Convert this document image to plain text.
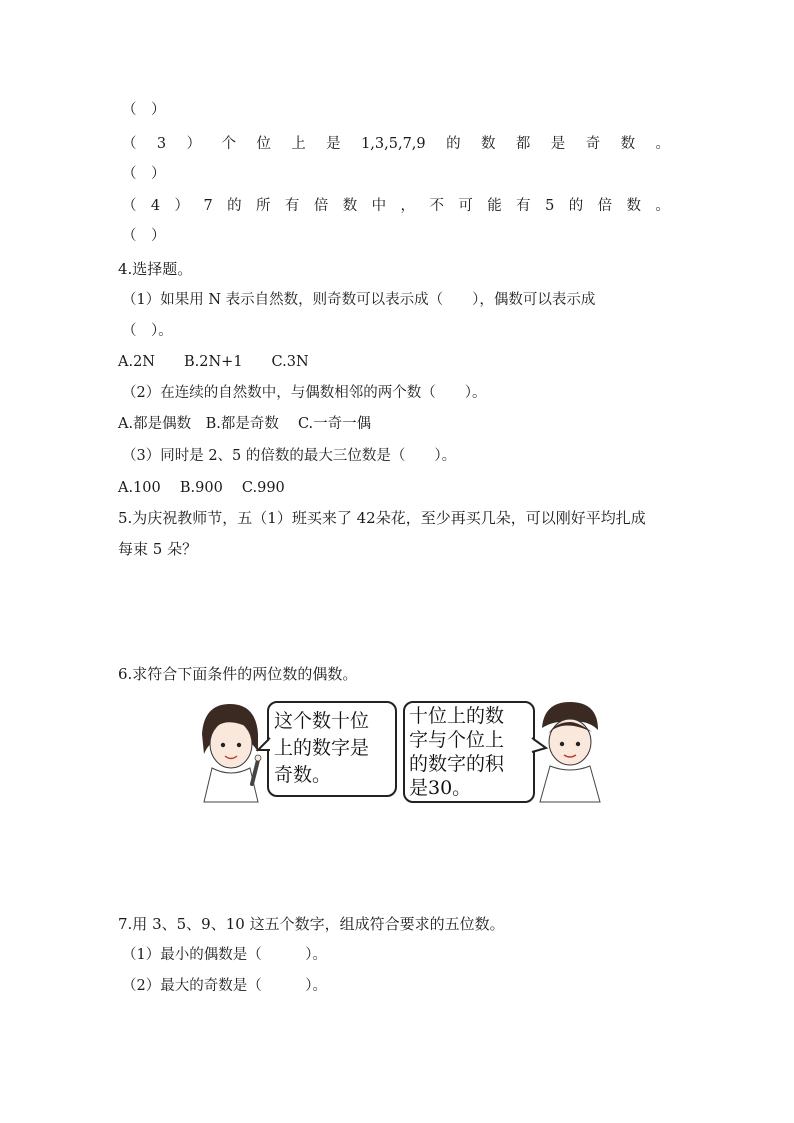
（　）
（ 3 ） 个 位 上 是 1,3,5,7,9 的 数 都 是 奇 数 。
（　）
（ 4 ） 7 的 所 有 倍 数 中 ， 不 可 能 有 5 的 倍 数 。
（　）
4.选择题。
（1）如果用 N 表示自然数，则奇数可以表示成（　　），偶数可以表示成
（　）。
A.2N　　B.2N+1　　C.3N
（2）在连续的自然数中，与偶数相邻的两个数（　　）。
A.都是偶数　B.都是奇数　 C.一奇一偶
（3）同时是 2、5 的倍数的最大三位数是（　　）。
A.100　 B.900　 C.990
5.为庆祝教师节，五（1）班买来了 42朵花，至少再买几朵，可以刚好平均扎成
每束 5 朵？
6.求符合下面条件的两位数的偶数。
这个数十位
上的数字是
奇数。
十位上的数
字与个位上
的数字的积
是30。
7.用 3、5、9、10 这五个数字，组成符合要求的五位数。
（1）最小的偶数是（　　　）。
（2）最大的奇数是（　　　）。
